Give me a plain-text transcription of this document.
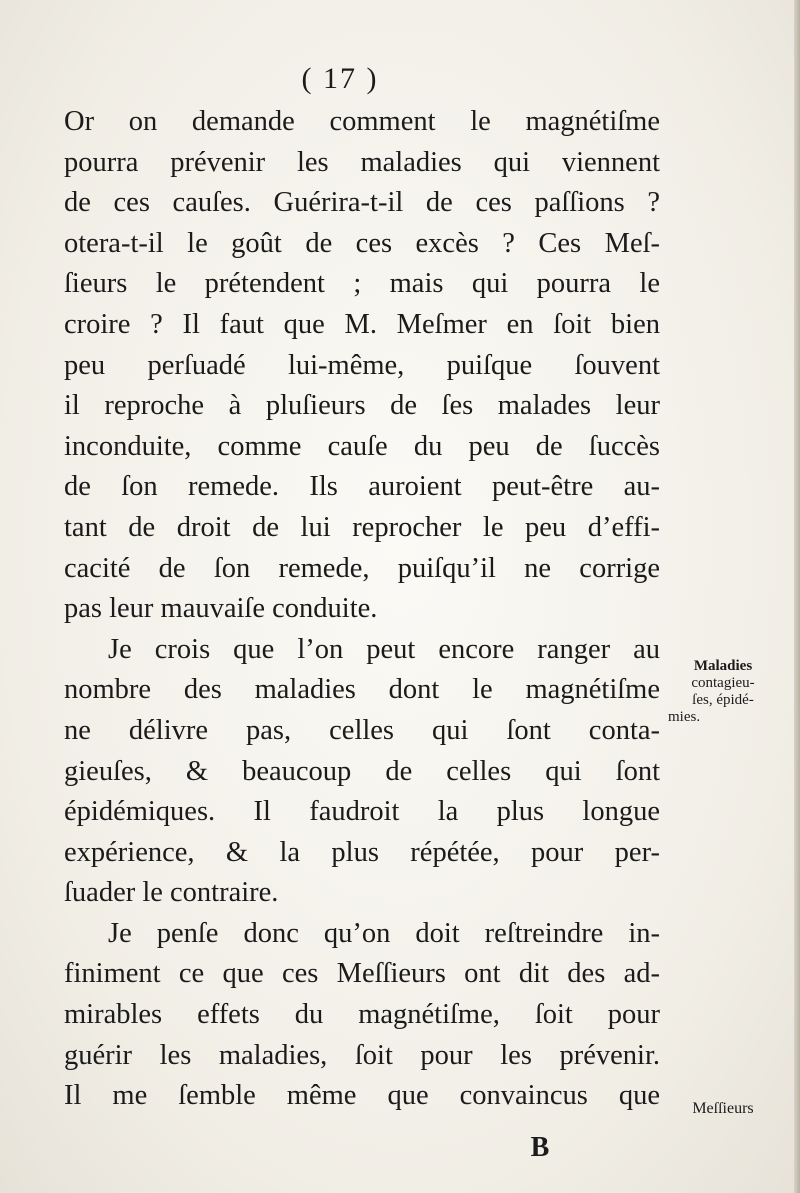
( 17 )
Or on demande comment le magnétiſme
pourra prévenir les maladies qui viennent
de ces cauſes. Guérira-t-il de ces paſſions ?
otera-t-il le goût de ces excès ? Ces Meſ-
ſieurs le prétendent ; mais qui pourra le
croire ? Il faut que M. Meſmer en ſoit bien
peu perſuadé lui-même, puiſque ſouvent
il reproche à pluſieurs de ſes malades leur
inconduite, comme cauſe du peu de ſuccès
de ſon remede. Ils auroient peut-être au-
tant de droit de lui reprocher le peu d’effi-
cacité de ſon remede, puiſqu’il ne corrige
pas leur mauvaiſe conduite.
Je crois que l’on peut encore ranger au
nombre des maladies dont le magnétiſme
ne délivre pas, celles qui ſont conta-
gieuſes, & beaucoup de celles qui ſont
épidémiques. Il faudroit la plus longue
expérience, & la plus répétée, pour per-
ſuader le contraire.
Je penſe donc qu’on doit reſtreindre in-
finiment ce que ces Meſſieurs ont dit des ad-
mirables effets du magnétiſme, ſoit pour
guérir les maladies, ſoit pour les prévenir.
Il me ſemble même que convaincus que
Maladies
contagieu-
ſes, épidé-
mies.
Meſſieurs
B
